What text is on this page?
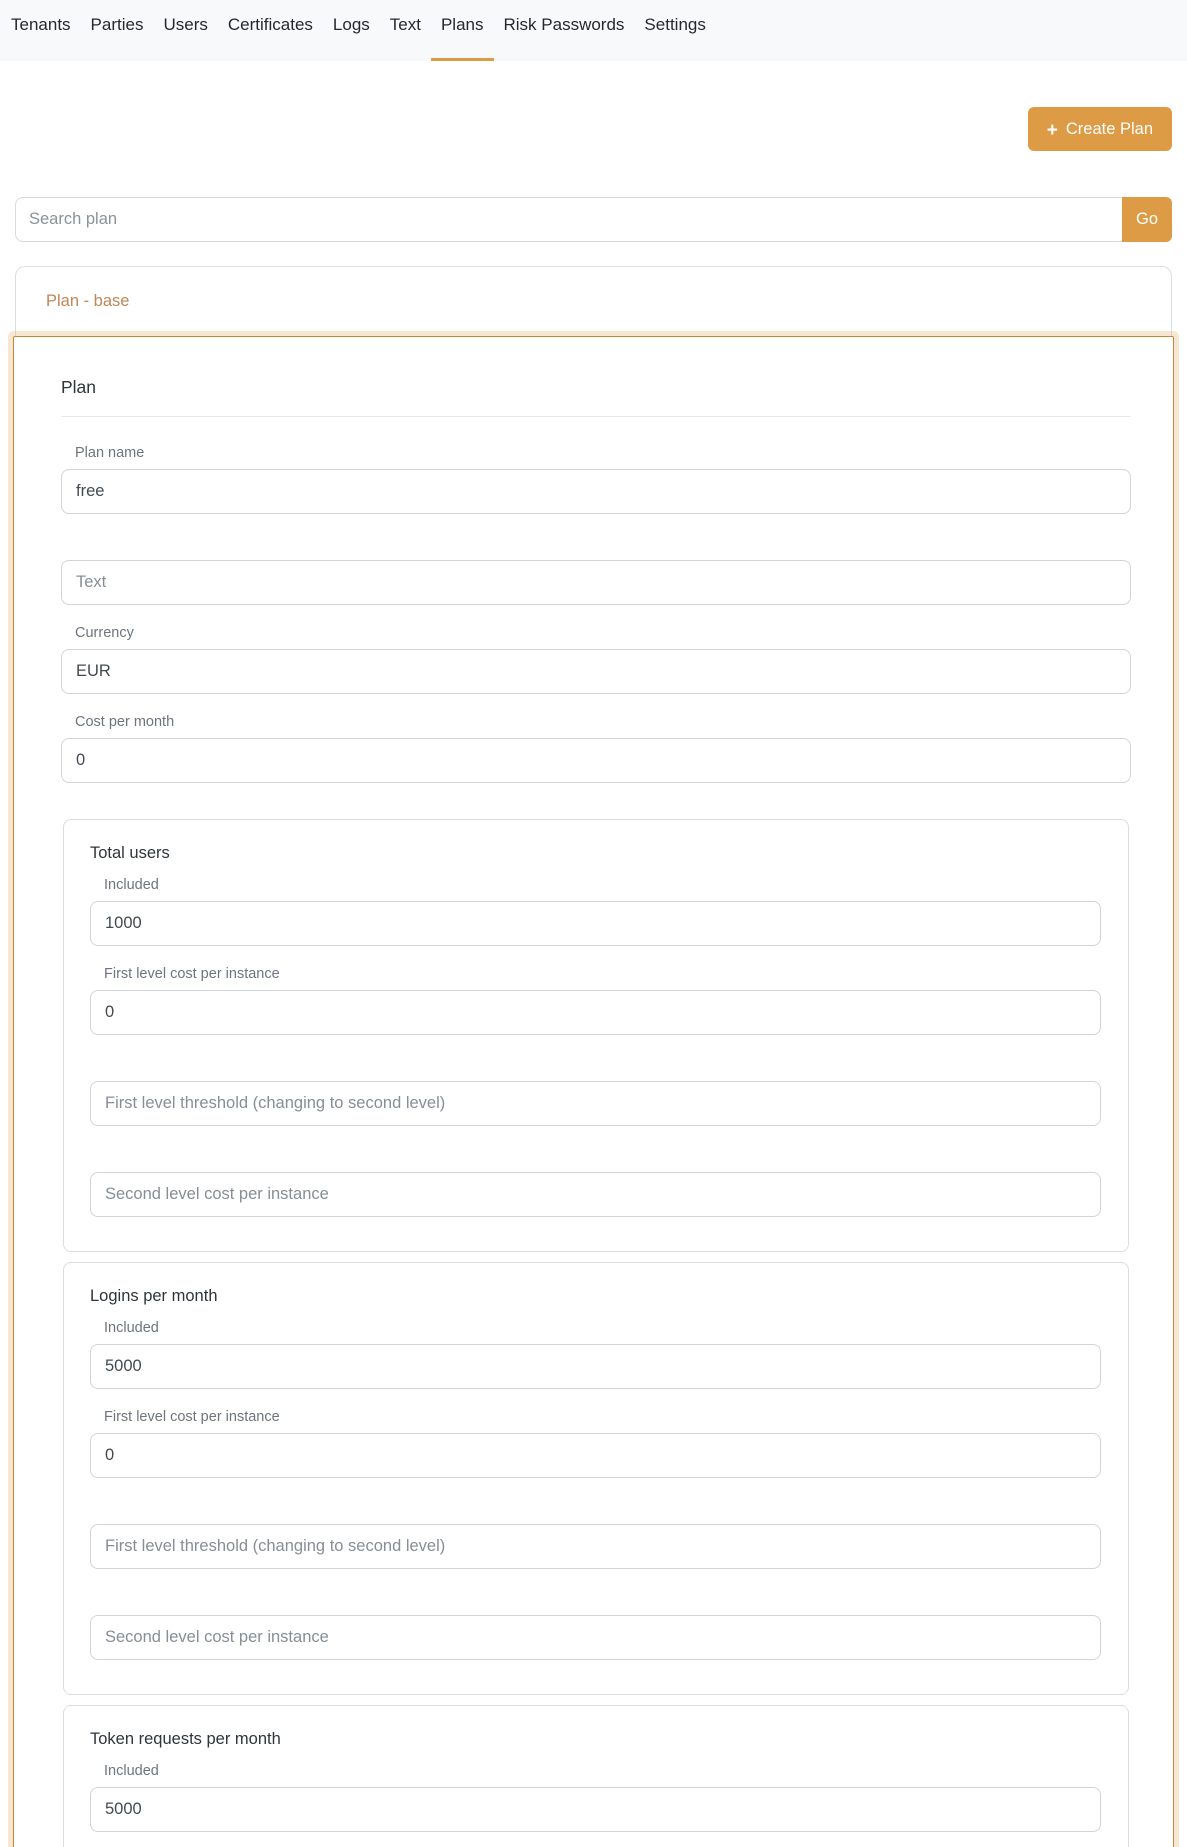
Tenants	Parties	Users	Certificates	Logs	Text	Plans	Risk Passwords	Settings
+ Create Plan
Search plan
Go
Plan - base
Plan
Plan name
free
Text
Currency
EUR
Cost per month
0
Total users
Included
1000
First level cost per instance
0
First level threshold (changing to second level)
Second level cost per instance
Logins per month
Included
5000
First level cost per instance
0
First level threshold (changing to second level)
Second level cost per instance
Token requests per month
Included
5000
